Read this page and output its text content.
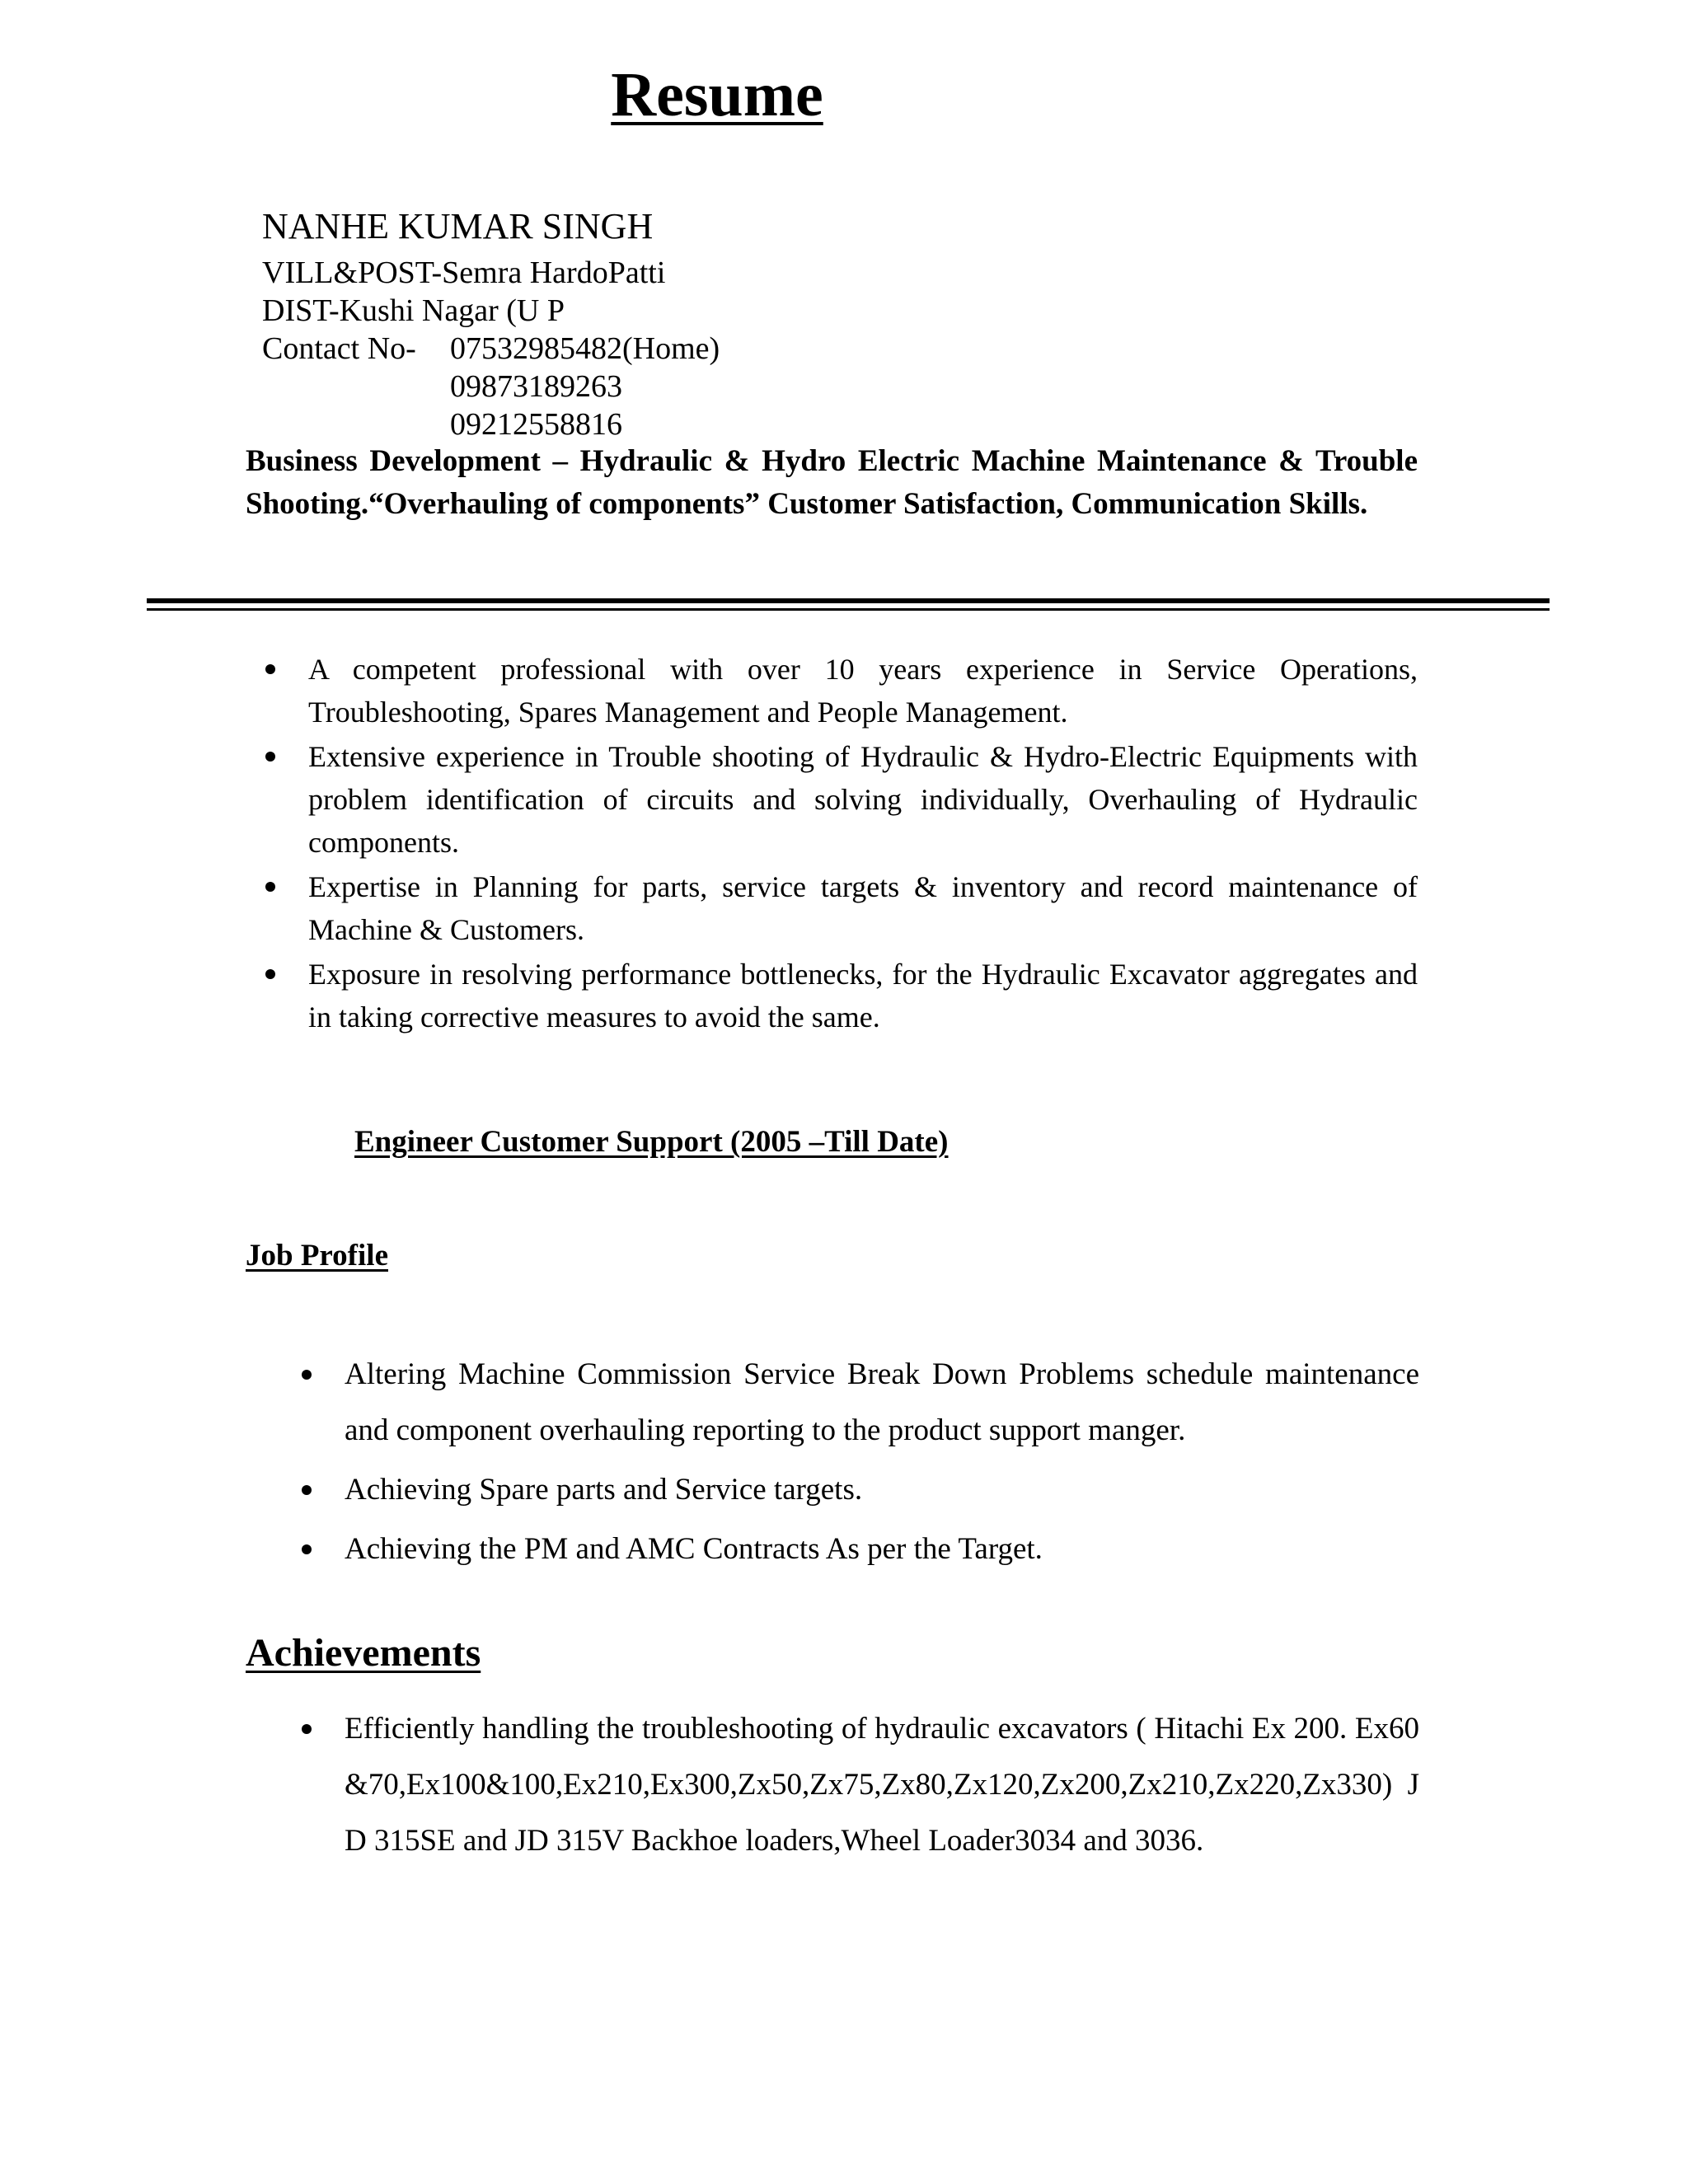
Resume
NANHE KUMAR SINGH
VILL&POST-Semra HardoPatti
DIST-Kushi Nagar (U P
Contact No- 07532985482(Home)
09873189263
09212558816

Business Development – Hydraulic & Hydro Electric Machine Maintenance & Trouble Shooting.“Overhauling of components” Customer Satisfaction, Communication Skills.

A competent professional with over 10 years experience in Service Operations, Troubleshooting, Spares Management and People Management.
Extensive experience in Trouble shooting of Hydraulic & Hydro-Electric Equipments with problem identification of circuits and solving individually, Overhauling of Hydraulic components.
Expertise in Planning for parts, service targets & inventory and record maintenance of Machine & Customers.
Exposure in resolving performance bottlenecks, for the Hydraulic Excavator aggregates and in taking corrective measures to avoid the same.
Engineer Customer Support (2005 –Till Date)
Job Profile
Altering Machine Commission Service Break Down Problems schedule maintenance and component overhauling reporting to the product support manger.
Achieving Spare parts and Service targets.
Achieving the PM and AMC Contracts As per the Target.
Achievements
Efficiently handling the troubleshooting of hydraulic excavators ( Hitachi Ex 200. Ex60&70,Ex100&100,Ex210,Ex300,Zx50,Zx75,Zx80,Zx120,Zx200,Zx210,Zx220,Zx330) JD 315SE and JD 315V Backhoe loaders,Wheel Loader3034 and 3036.
